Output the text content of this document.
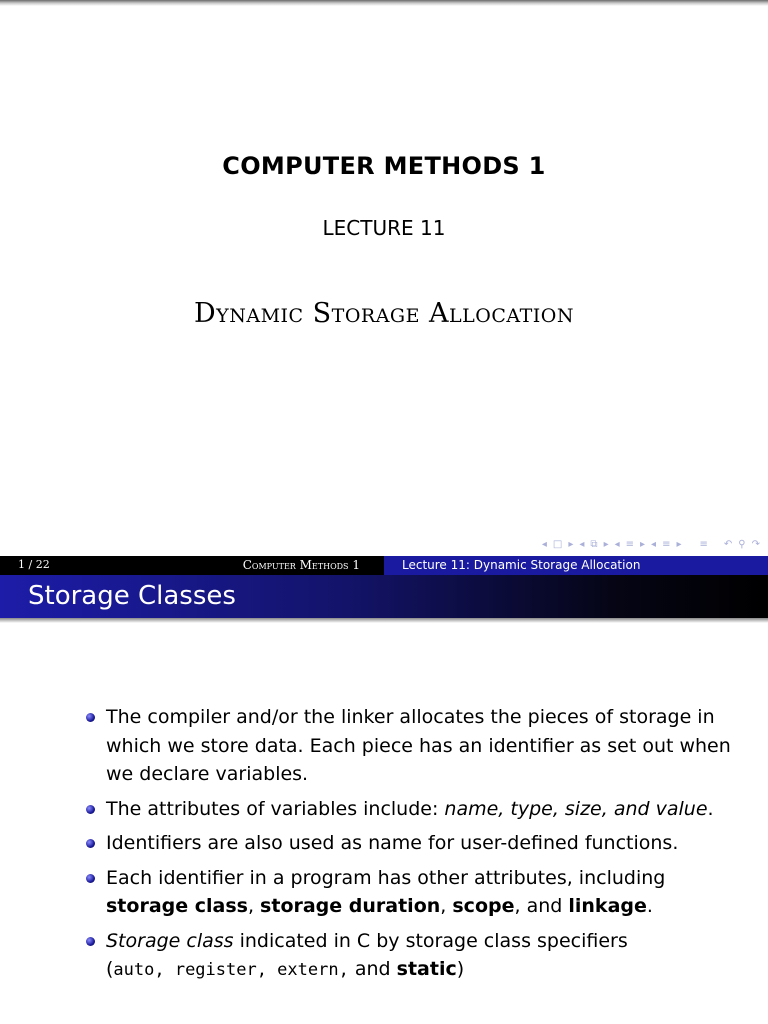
COMPUTER METHODS 1
LECTURE 11
Dynamic Storage Allocation
◂ □ ▸ ◂ ⧉ ▸ ◂ ≡ ▸ ◂ ≡ ▸ ≡ ↶ ⚲ ↷
1 / 22	Computer Methods 1	Lecture 11: Dynamic Storage Allocation
Storage Classes
The compiler and/or the linker allocates the pieces of storage in which we store data. Each piece has an identifier as set out when we declare variables.
The attributes of variables include: name, type, size, and value.
Identifiers are also used as name for user-defined functions.
Each identifier in a program has other attributes, including storage class, storage duration, scope, and linkage.
Storage class indicated in C by storage class specifiers
(auto, register, extern, and static)
